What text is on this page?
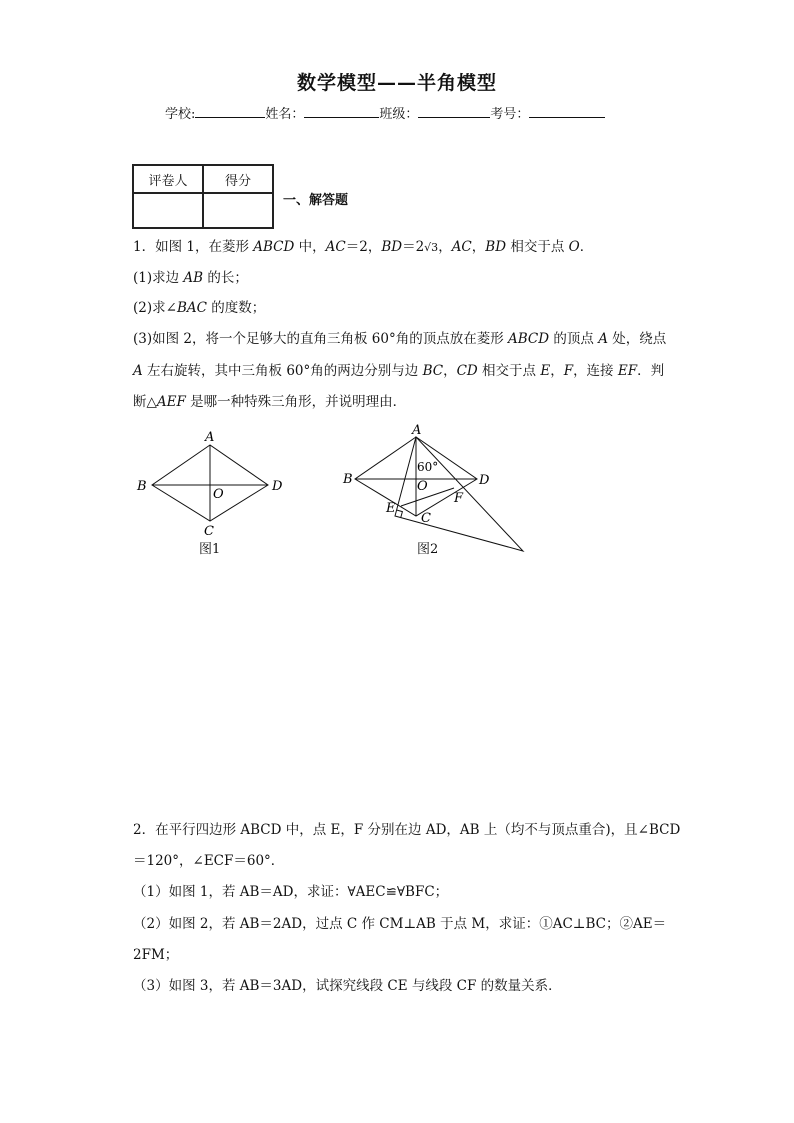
数学模型——半角模型
学校:	姓名：	班级：	考号：
评卷人	得分

一、解答题
1．如图 1，在菱形 ABCD 中，AC＝2，BD＝2√3，AC，BD 相交于点 O．
(1)求边 AB 的长；
(2)求∠BAC 的度数；
(3)如图 2，将一个足够大的直角三角板 60°角的顶点放在菱形 ABCD 的顶点 A 处，绕点
A 左右旋转，其中三角板 60°角的两边分别与边 BC，CD 相交于点 E，F，连接 EF．判
断△AEF 是哪一种特殊三角形，并说明理由．
A
B
C
D
O
图1
A
B
C
D
O
E
F
60°
图2
2．在平行四边形 ABCD 中，点 E，F 分别在边 AD，AB 上（均不与顶点重合)，且∠BCD
＝120°，∠ECF＝60°．
（1）如图 1，若 AB＝AD，求证：∀AEC≌∀BFC；
（2）如图 2，若 AB＝2AD，过点 C 作 CM⊥AB 于点 M，求证：①AC⊥BC；②AE＝
2FM；
（3）如图 3，若 AB＝3AD，试探究线段 CE 与线段 CF 的数量关系．
